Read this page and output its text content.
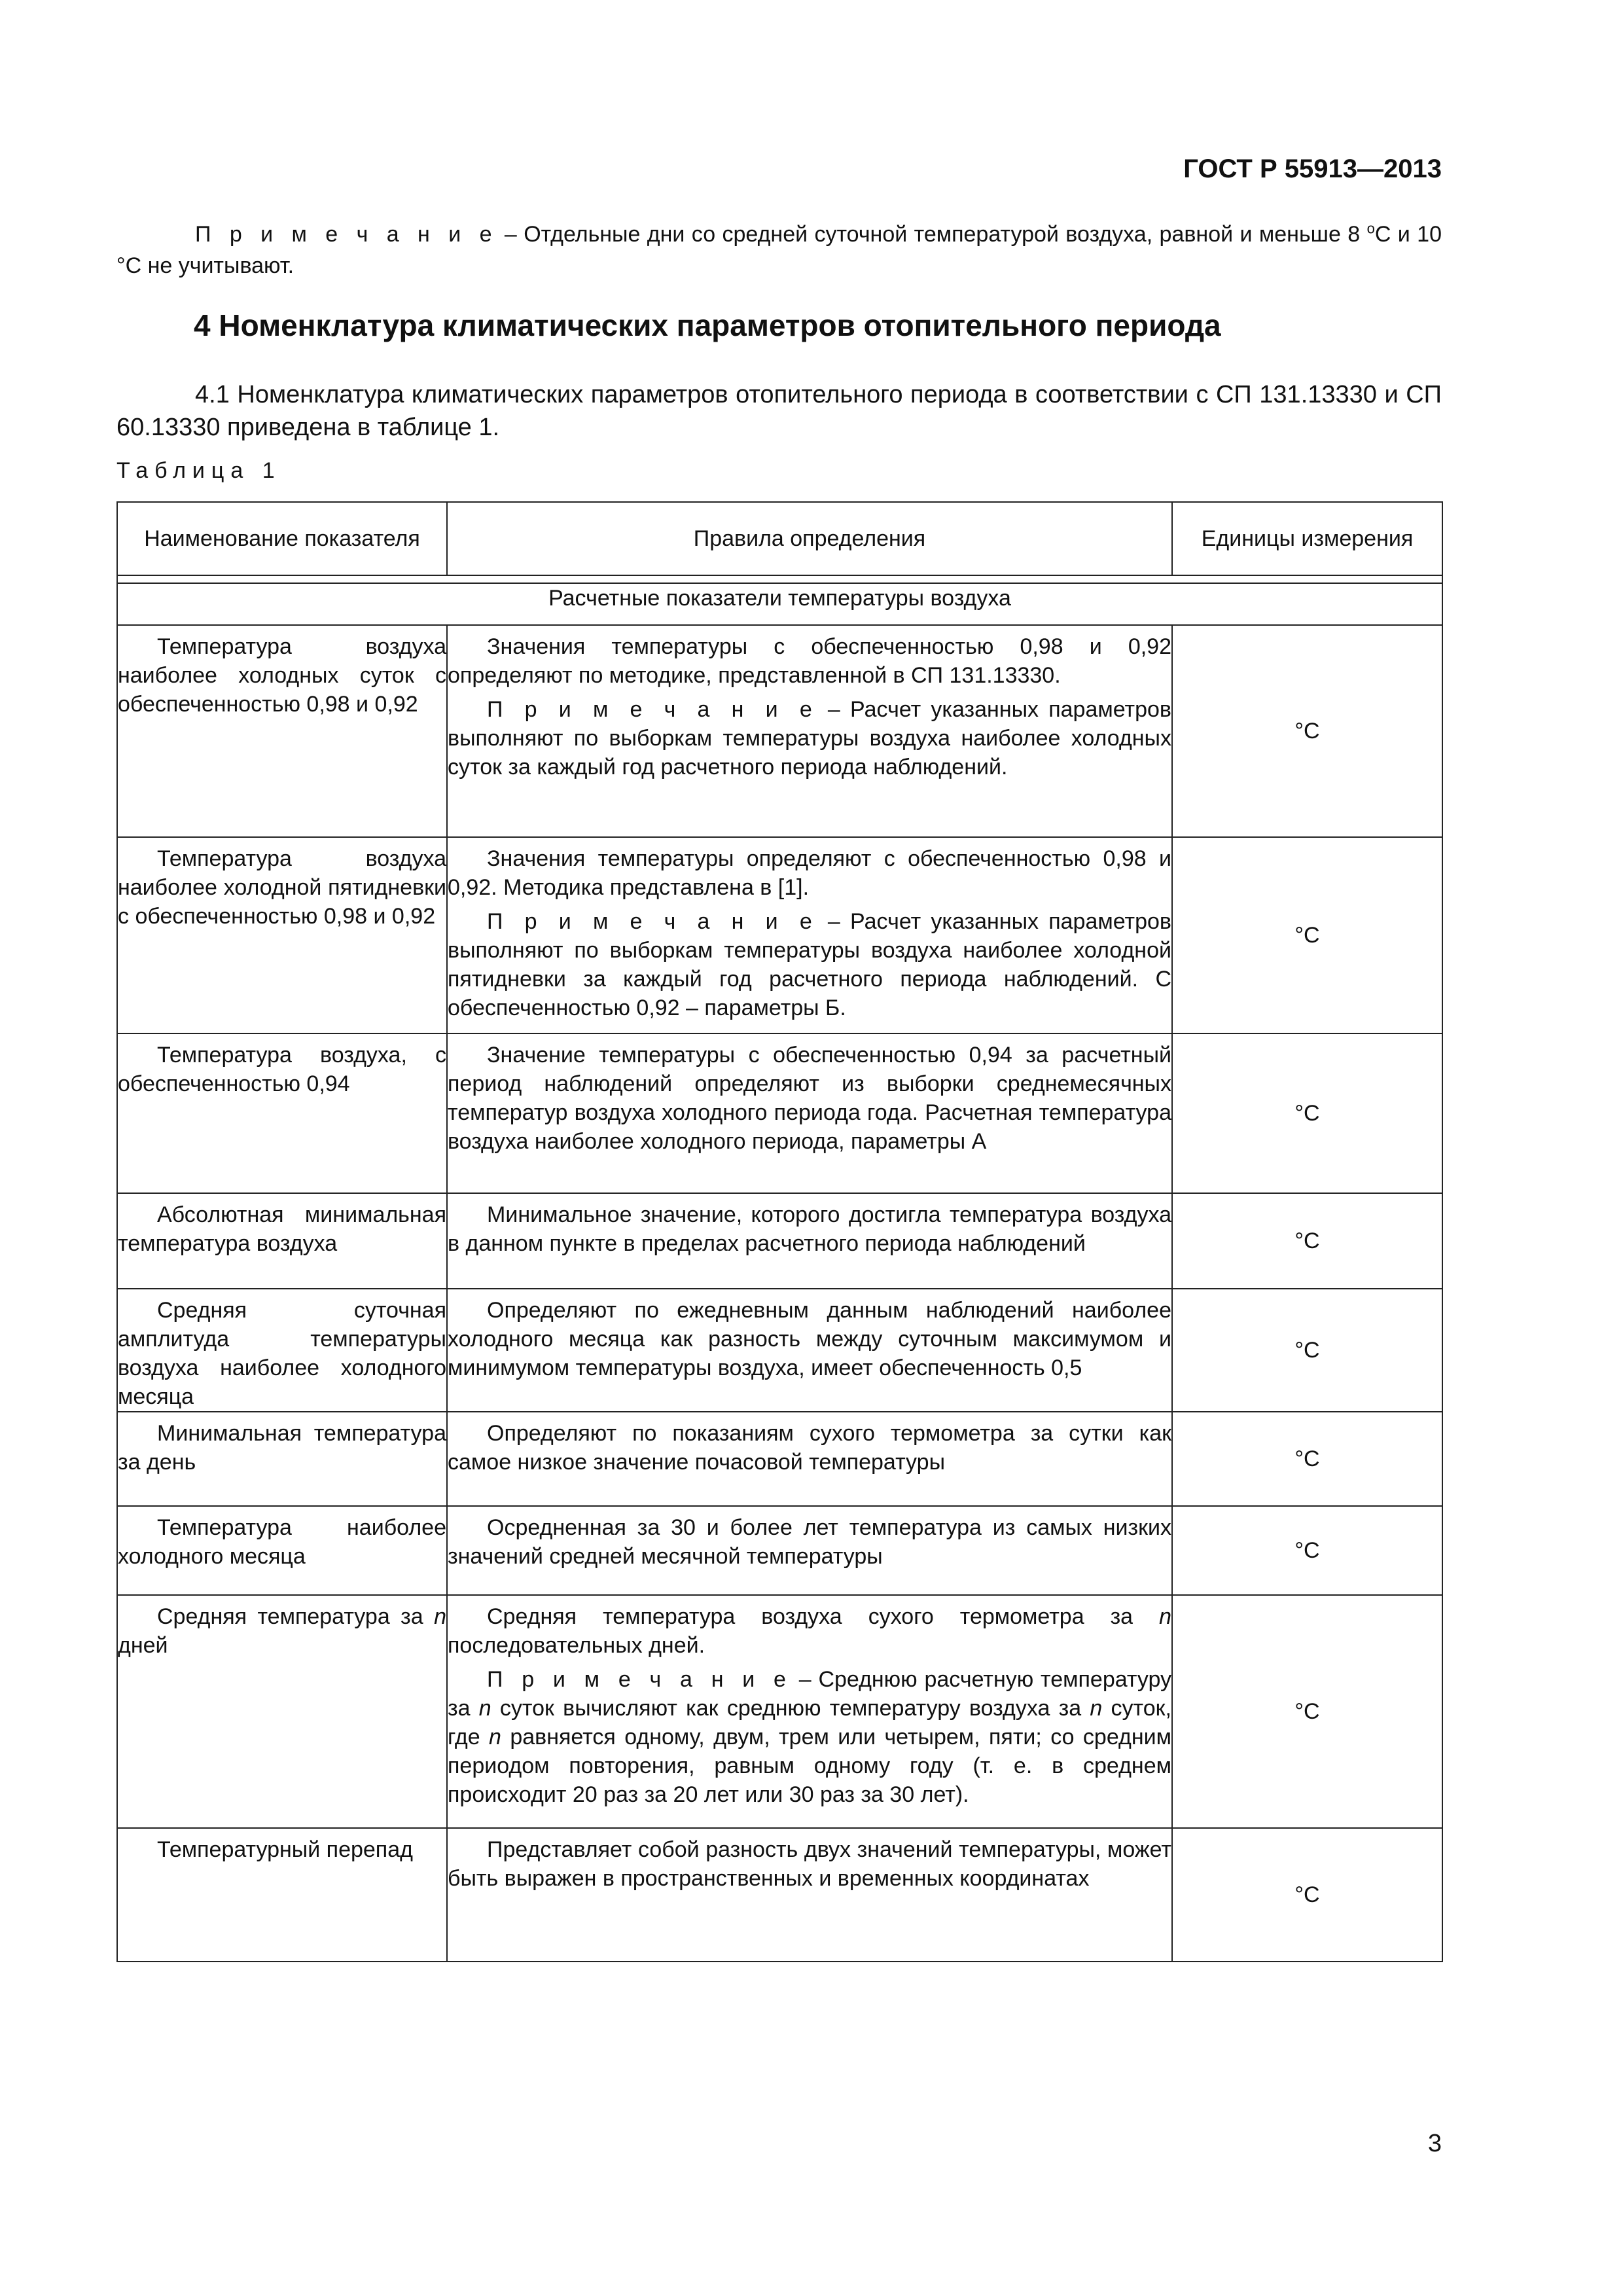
ГОСТ Р 55913—2013
П р и м е ч а н и е – Отдельные дни со средней суточной температурой воздуха, равной и меньше 8 $^о$С и 10 °С не учитывают.
4 Номенклатура климатических параметров отопительного периода
4.1 Номенклатура климатических параметров отопительного периода в соответствии с СП 131.13330 и СП 60.13330 приведена в таблице 1.
Таблица 1
Наименование показателя	Правила определения	Единицы измерения

Расчетные показатели температуры воздуха		
Температура воздуха наиболее холодных суток с обеспеченностью 0,98 и 0,92	Значения температуры с обеспеченностью 0,98 и 0,92 определяют по методике, представленной в СП 131.13330.

П р и м е ч а н и е – Расчет указанных параметров выполняют по выборкам температуры воздуха наиболее холодных суток за каждый год расчетного периода наблюдений.	°С
Температура воздуха наиболее холодной пятидневки с обеспеченностью 0,98 и 0,92	Значения температуры определяют с обеспеченностью 0,98 и 0,92. Методика представлена в [1].

П р и м е ч а н и е – Расчет указанных параметров выполняют по выборкам температуры воздуха наиболее холодной пятидневки за каждый год расчетного периода наблюдений. С обеспеченностью 0,92 – параметры Б.	°С
Температура воздуха, с обеспеченностью 0,94	Значение температуры с обеспеченностью 0,94 за расчетный период наблюдений определяют из выборки среднемесячных температур воздуха холодного периода года. Расчетная температура воздуха наиболее холодного периода, параметры А	°С
Абсолютная минимальная температура воздуха	Минимальное значение, которого достигла температура воздуха в данном пункте в пределах расчетного периода наблюдений	°С
Средняя суточная амплитуда температуры воздуха наиболее холодного месяца	Определяют по ежедневным данным наблюдений наиболее холодного месяца как разность между суточным максимумом и минимумом температуры воздуха, имеет обеспеченность 0,5	°С
Минимальная температура за день	Определяют по показаниям сухого термометра за сутки как самое низкое значение почасовой температуры	°С
Температура наиболее холодного месяца	Осредненная за 30 и более лет температура из самых низких значений средней месячной температуры	°С
Средняя температура за n дней	Средняя температура воздуха сухого термометра за n последовательных дней.

П р и м е ч а н и е – Среднюю расчетную температуру за n суток вычисляют как среднюю температуру воздуха за n суток, где n равняется одному, двум, трем или четырем, пяти; со средним периодом повторения, равным одному году (т. е. в среднем происходит 20 раз за 20 лет или 30 раз за 30 лет).	°С
Температурный перепад	Представляет собой разность двух значений температуры, может быть выражен в пространственных и временных координатах	°С
3
